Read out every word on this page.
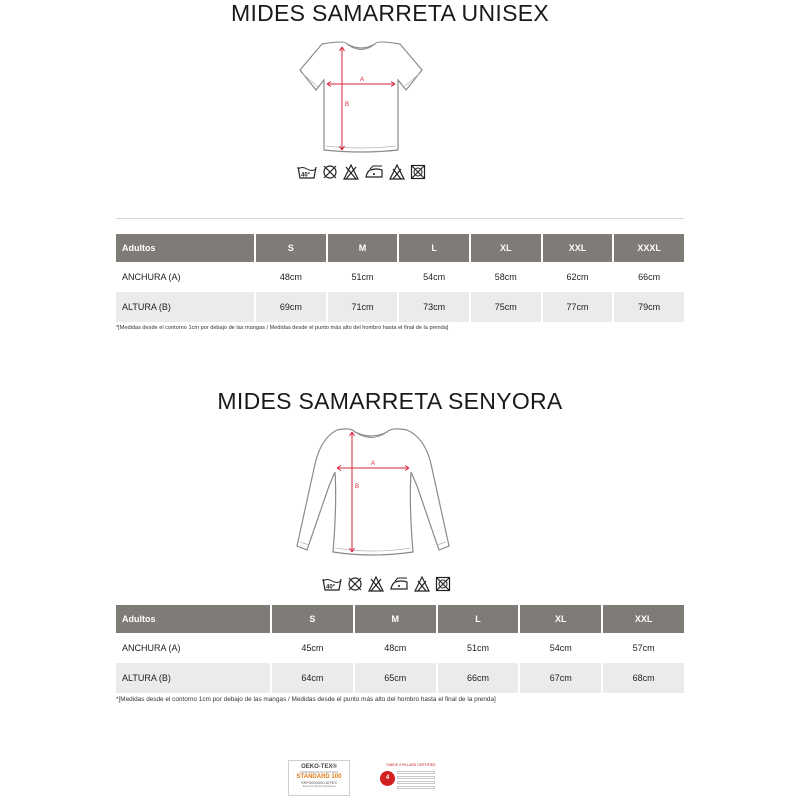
MIDES SAMARRETA UNISEX
A
B
40°
Adultos	S	M	L	XL	XXL	XXXL
ANCHURA (A)	48cm	51cm	54cm	58cm	62cm	66cm
ALTURA (B)	69cm	71cm	73cm	75cm	77cm	79cm
*[Medidas desde el contorno 1cm por debajo de las mangas / Medidas desde el punto más alto del hombro hasta el final de la prenda]
MIDES SAMARRETA SENYORA
A
B
40°
Adultos	S	M	L	XL	XXL
ANCHURA (A)	45cm	48cm	51cm	54cm	57cm
ALTURA (B)	64cm	65cm	66cm	67cm	68cm
*[Medidas desde el contorno 1cm por debajo de las mangas / Medidas desde el punto más alto del hombro hasta el final de la prenda]
OEKO-TEX®
CONFIDENCE IN TEXTILES
STANDARD 100
SRF0000000 AITEX
Tested for harmful substances
SINEIS 4 PILLARS CERTIFIED
4
